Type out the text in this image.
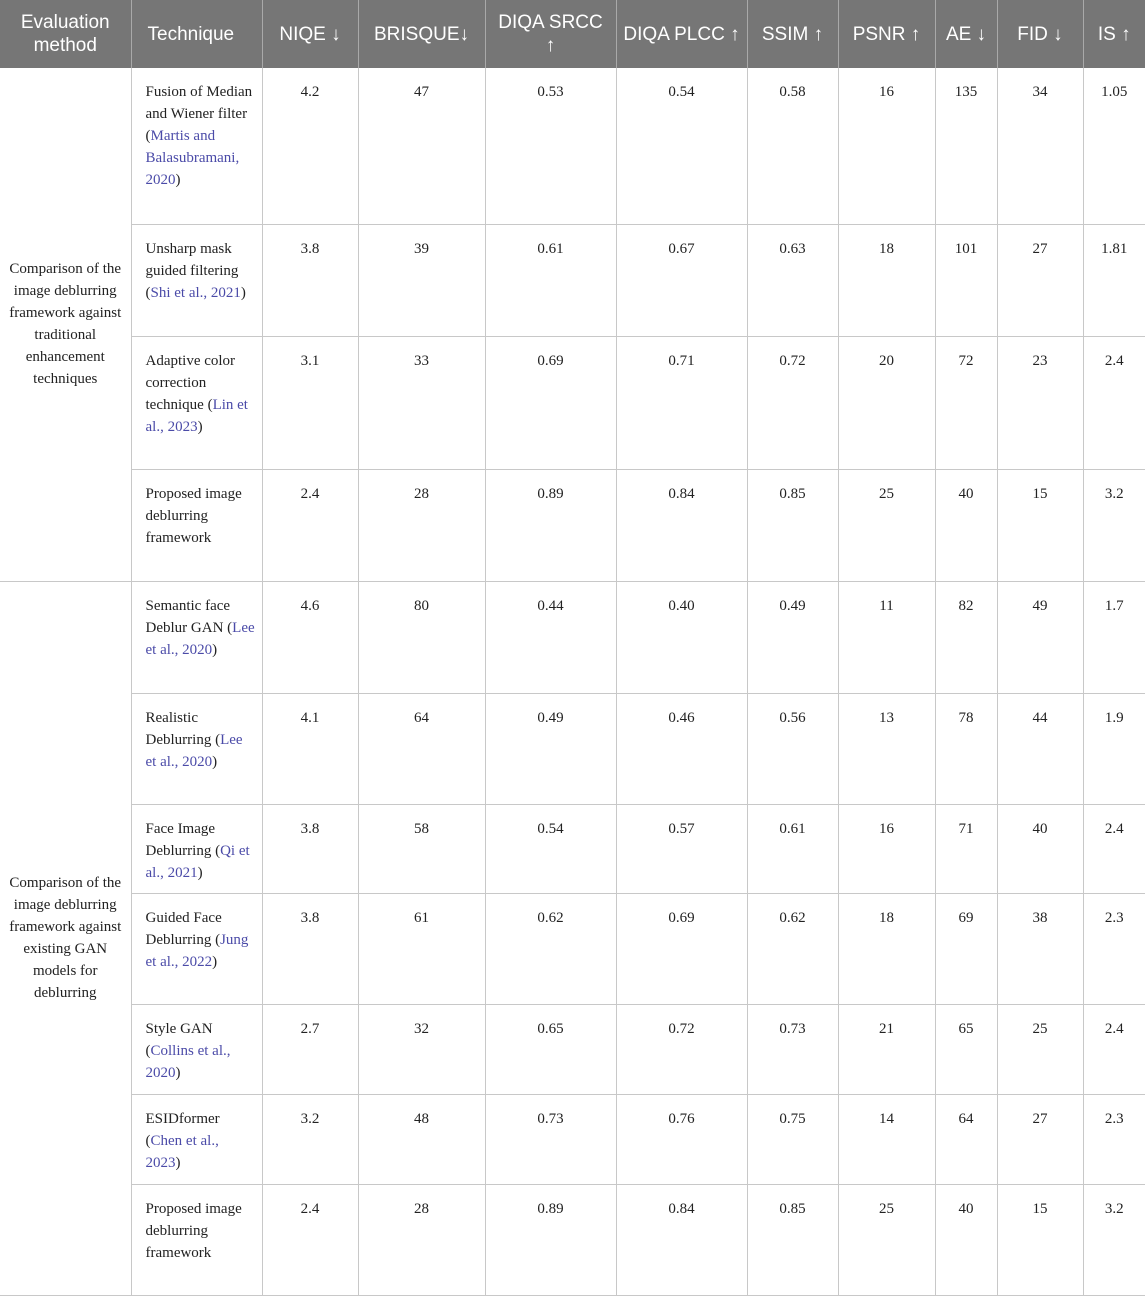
Evaluation method	Technique	NIQE ↓	BRISQUE↓	DIQA SRCC ↑	DIQA PLCC ↑	SSIM ↑	PSNR ↑	AE ↓	FID ↓	IS ↑
Comparison of the image deblurring framework against traditional enhancement techniques	Fusion of Median and Wiener filter (Martis and Balasubramani, 2020)	4.2	47	0.53	0.54	0.58	16	135	34	1.05
	Unsharp mask guided filtering (Shi et al., 2021)	3.8	39	0.61	0.67	0.63	18	101	27	1.81
	Adaptive color correction technique (Lin et al., 2023)	3.1	33	0.69	0.71	0.72	20	72	23	2.4
	Proposed image deblurring framework	2.4	28	0.89	0.84	0.85	25	40	15	3.2
Comparison of the image deblurring framework against existing GAN models for deblurring	Semantic face Deblur GAN (Lee et al., 2020)	4.6	80	0.44	0.40	0.49	11	82	49	1.7
	Realistic Deblurring (Lee et al., 2020)	4.1	64	0.49	0.46	0.56	13	78	44	1.9
	Face Image Deblurring (Qi et al., 2021)	3.8	58	0.54	0.57	0.61	16	71	40	2.4
	Guided Face Deblurring (Jung et al., 2022)	3.8	61	0.62	0.69	0.62	18	69	38	2.3
	Style GAN (Collins et al., 2020)	2.7	32	0.65	0.72	0.73	21	65	25	2.4
	ESIDformer (Chen et al., 2023)	3.2	48	0.73	0.76	0.75	14	64	27	2.3
	Proposed image deblurring framework	2.4	28	0.89	0.84	0.85	25	40	15	3.2
